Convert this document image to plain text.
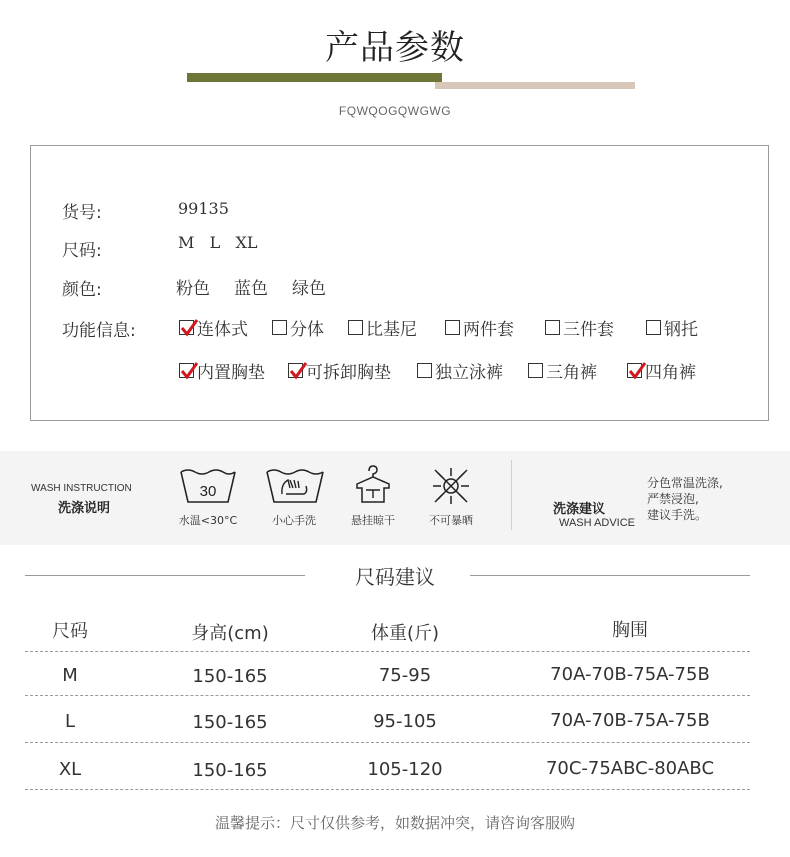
产品参数
FQWQOGQWGWG
货号:	99135
尺码:	M   L   XL
颜色:	粉色 蓝色 绿色
功能信息:	连体式 分体 比基尼	两件套	三件套	钢托
内置胸垫 可拆卸胸垫	独立泳裤	三角裤	四角裤
WASH INSTRUCTION
洗涤说明
30
水温<30°C	小心手洗	悬挂晾干	不可暴晒
洗涤建议
WASH ADVICE
分色常温洗涤,
严禁浸泡,
建议手洗。
尺码建议
尺码	身高(cm)	体重(斤)	胸围
M	150-165	75-95	70A-70B-75A-75B
L	150-165	95-105	70A-70B-75A-75B
XL	150-165	105-120	70C-75ABC-80ABC
温馨提示：尺寸仅供参考，如数据冲突，请咨询客服购
